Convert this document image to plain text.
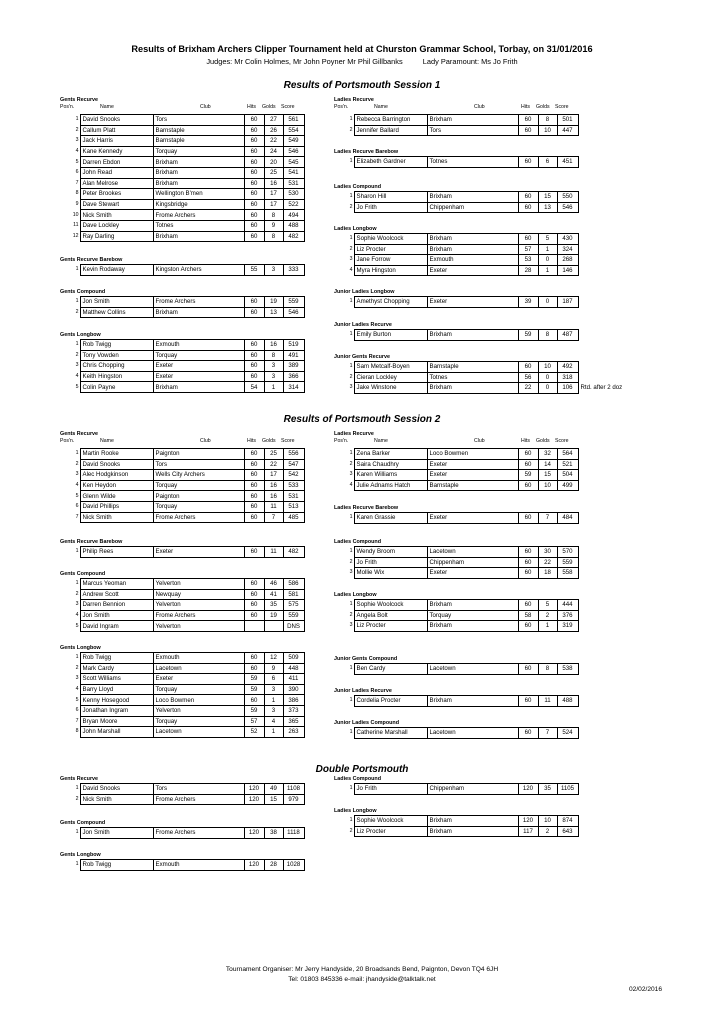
Results of Brixham Archers Clipper Tournament held at Churston Grammar School, Torbay, on 31/01/2016
Judges: Mr Colin Holmes, Mr John Poyner Mr Phil Gillbanks	Lady Paramount: Ms Jo Frith
Results of Portsmouth Session 1
Pos'n.	Name	Club	Hits Golds Score
Gents Recurve
1	David Snooks	Tors	60	27	561
2	Callum Platt	Barnstaple	60	26	554
3	Jack Harris	Barnstaple	60	22	549
4	Kane Kennedy	Torquay	60	24	546
5	Darren Ebdon	Brixham	60	20	545
6	John Read	Brixham	60	25	541
7	Alan Melrose	Brixham	60	16	531
8	Peter Brookes	Wellington B'men	60	17	530
9	Dave Stewart	Kingsbridge	60	17	522
10	Nick Smith	Frome Archers	60	8	494
11	Dave Lockley	Totnes	60	9	488
12	Ray Darling	Brixham	60	8	482
Gents Recurve Barebow
1	Kevin Rodaway	Kingston Archers	55	3	333
Gents Compound
1	Jon Smith	Frome Archers	60	19	559
2	Matthew Collins	Brixham	60	13	546
Gents Longbow
1	Rob Twigg	Exmouth	60	16	519
2	Tony Vowden	Torquay	60	8	491
3	Chris Chopping	Exeter	60	3	389
4	Keith Hingston	Exeter	60	3	366
5	Colin Payne	Brixham	54	1	314
Pos'n.	Name	Club	Hits Golds Score
Ladies Recurve
1	Rebecca Barrington	Brixham	60	8	501
2	Jennifer Ballard	Tors	60	10	447
Ladies Recurve Barebow
1	Elizabeth Gardner	Totnes	60	6	451
Ladies Compound
1	Sharon Hill	Brixham	60	15	550
2	Jo Frith	Chippenham	60	13	546
Ladies Longbow
1	Sophie Woolcock	Brixham	60	5	430
2	Liz Procter	Brixham	57	1	324
3	Jane Forrow	Exmouth	53	0	268
4	Myra Hingston	Exeter	28	1	146
Junior Ladies Longbow
1	Amethyst Chopping	Exeter	39	0	187
Junior Ladies Recurve
1	Emily Burton	Brixham	59	8	487
Junior Gents Recurve
1	Sam Metcalf-Boyen	Barnstaple	60	10	492	
2	Cieran Lockley	Totnes	56	0	318	
3	Jake Winstone	Brixham	22	0	106	Rtd. after 2 doz
Results of Portsmouth Session 2
Pos'n.	Name	Club	Hits Golds Score
Gents Recurve
1	Martin Rooke	Paignton	60	25	556
2	David Snooks	Tors	60	22	547
3	Alec Hodgkinson	Wells City Archers	60	17	542
4	Ken Heydon	Torquay	60	16	533
5	Glenn Wilde	Paignton	60	16	531
6	David Phillips	Torquay	60	11	513
7	Nick Smith	Frome Archers	60	7	485
Gents Recurve Barebow
1	Philip Rees	Exeter	60	11	482
Gents Compound
1	Marcus Yeoman	Yelverton	60	46	586
2	Andrew Scott	Newquay	60	41	581
3	Darren Bennion	Yelverton	60	35	575
4	Jon Smith	Frome Archers	60	19	559
5	David Ingram	Yelverton			DNS
Gents Longbow
1	Rob Twigg	Exmouth	60	12	509
2	Mark Cardy	Lacetown	60	9	448
3	Scott Williams	Exeter	59	6	411
4	Barry Lloyd	Torquay	59	3	390
5	Kenny Hosegood	Loco Bowmen	60	1	386
6	Jonathan Ingram	Yelverton	59	3	373
7	Bryan Moore	Torquay	57	4	365
8	John Marshall	Lacetown	52	1	263
Pos'n.	Name	Club	Hits Golds Score
Ladies Recurve
1	Zena Barker	Loco Bowmen	60	32	564
2	Saira Chaudhry	Exeter	60	14	521
3	Karen Williams	Exeter	59	15	504
4	Julie Adnams Hatch	Barnstaple	60	10	499
Ladies Recurve Barebow
1	Karen Grassie	Exeter	60	7	484
Ladies Compound
1	Wendy Broom	Lacetown	60	30	570
2	Jo Frith	Chippenham	60	22	559
3	Mollie Wix	Exeter	60	18	558
Ladies Longbow
1	Sophie Woolcock	Brixham	60	5	444
2	Angela Bolt	Torquay	58	2	376
3	Liz Procter	Brixham	60	1	319
Junior Gents Compound
1	Ben Cardy	Lacetown	60	8	538
Junior Ladies Recurve
1	Cordelia Procter	Brixham	60	11	488
Junior Ladies Compound
1	Catherine Marshall	Lacetown	60	7	524
Double Portsmouth
Gents Recurve
1	David Snooks	Tors	120	49	1108
2	Nick Smith	Frome Archers	120	15	979
Gents Compound
1	Jon Smith	Frome Archers	120	38	1118
Gents Longbow
1	Rob Twigg	Exmouth	120	28	1028
Ladies Compound
1	Jo Frith	Chippenham	120	35	1105
Ladies Longbow
1	Sophie Woolcock	Brixham	120	10	874
2	Liz Procter	Brixham	117	2	643
Tournament Organiser: Mr Jerry Handyside, 20 Broadsands Bend, Paignton, Devon TQ4 6JH
Tel: 01803 845336 e-mail: jhandyside@talktalk.net
02/02/2016
